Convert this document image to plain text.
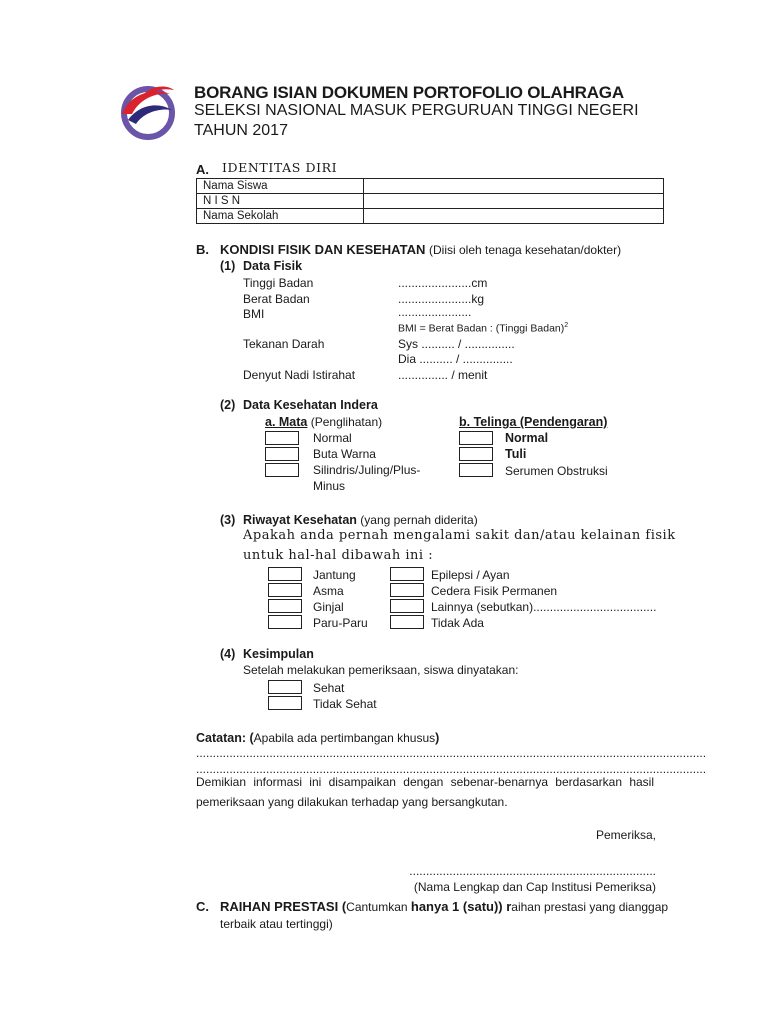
BORANG ISIAN DOKUMEN PORTOFOLIO OLAHRAGA
SELEKSI NASIONAL MASUK PERGURUAN TINGGI NEGERI
TAHUN 2017
A. IDENTITAS DIRI
Nama Siswa	
N I S N	
Nama Sekolah	
B. KONDISI FISIK DAN KESEHATAN (Diisi oleh tenaga kesehatan/dokter)
(1) Data Fisik
Tinggi Badan	......................cm
Berat Badan	......................kg
BMI	......................
BMI = Berat Badan : (Tinggi Badan)$^2$
Tekanan Darah	Sys .......... / ...............
Dia .......... / ...............
Denyut Nadi Istirahat	............... / menit
(2) Data Kesehatan Indera
a. Mata (Penglihatan)
Normal
Buta Warna
Silindris/Juling/Plus-
Minus
b. Telinga (Pendengaran)
Normal
Tuli
Serumen Obstruksi
(3) Riwayat Kesehatan (yang pernah diderita)
Apakah anda pernah mengalami sakit dan/atau kelainan fisik
untuk hal-hal dibawah ini :
Jantung
Asma
Ginjal
Paru-Paru
Epilepsi / Ayan
Cedera Fisik Permanen
Lainnya (sebutkan).....................................
Tidak Ada
(4) Kesimpulan
Setelah melakukan pemeriksaan, siswa dinyatakan:
Sehat
Tidak Sehat
Catatan: (Apabila ada pertimbangan khusus)
.........................................................................................................................................................
.........................................................................................................................................................
Demikian informasi ini disampaikan dengan sebenar-benarnya berdasarkan hasil
pemeriksaan yang dilakukan terhadap yang bersangkutan.
Pemeriksa,
..........................................................................
(Nama Lengkap dan Cap Institusi Pemeriksa)
C. RAIHAN PRESTASI (Cantumkan hanya 1 (satu)) raihan prestasi yang dianggap
terbaik atau tertinggi)
